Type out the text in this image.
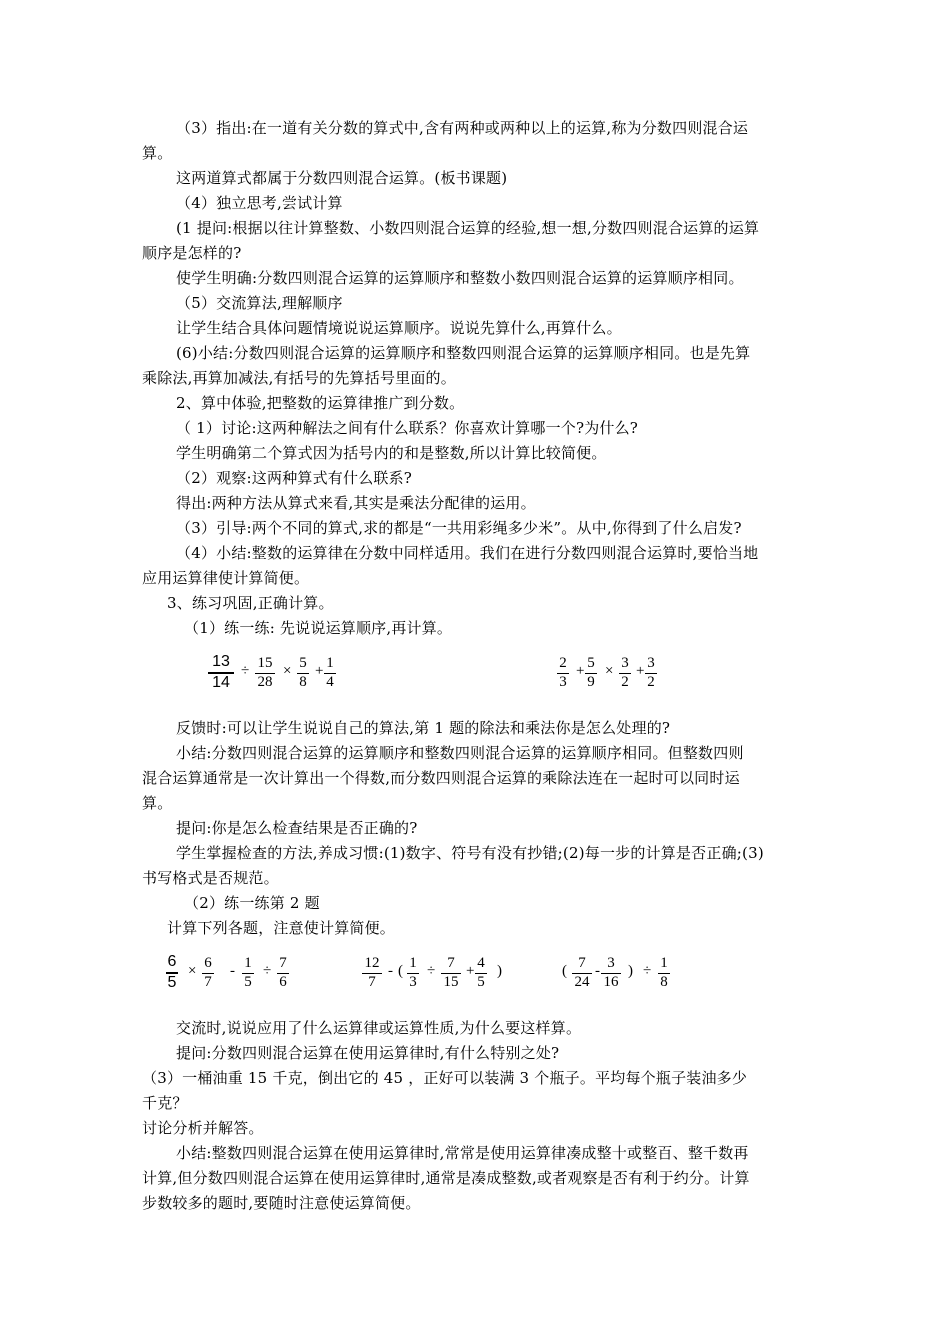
（3）指出:在一道有关分数的算式中,含有两种或两种以上的运算,称为分数四则混合运
算。
这两道算式都属于分数四则混合运算。(板书课题)
（4）独立思考,尝试计算
(1 提问:根据以往计算整数、小数四则混合运算的经验,想一想,分数四则混合运算的运算
顺序是怎样的?
使学生明确:分数四则混合运算的运算顺序和整数小数四则混合运算的运算顺序相同。
（5）交流算法,理解顺序
让学生结合具体问题情境说说运算顺序。说说先算什么,再算什么。
(6)小结:分数四则混合运算的运算顺序和整数四则混合运算的运算顺序相同。也是先算
乘除法,再算加减法,有括号的先算括号里面的。
2、算中体验,把整数的运算律推广到分数。
（ 1）讨论:这两种解法之间有什么联系？你喜欢计算哪一个?为什么?
学生明确第二个算式因为括号内的和是整数,所以计算比较简便。
（2）观察:这两种算式有什么联系?
得出:两种方法从算式来看,其实是乘法分配律的运用。
（3）引导:两个不同的算式,求的都是“一共用彩绳多少米”。从中,你得到了什么启发?
（4）小结:整数的运算律在分数中同样适用。我们在进行分数四则混合运算时,要恰当地
应用运算律使计算简便。
3、练习巩固,正确计算。
（1）练一练: 先说说运算顺序,再计算。
13
14
÷ 15
28
× 5
8
+ 1
4
2
3
+ 5
9
× 3
2
+ 3
2
反馈时:可以让学生说说自己的算法,第 1 题的除法和乘法你是怎么处理的?
小结:分数四则混合运算的运算顺序和整数四则混合运算的运算顺序相同。但整数四则
混合运算通常是一次计算出一个得数,而分数四则混合运算的乘除法连在一起时可以同时运
算。
提问:你是怎么检查结果是否正确的?
学生掌握检查的方法,养成习惯:(1)数字、符号有没有抄错;(2)每一步的计算是否正确;(3)
书写格式是否规范。
（2）练一练第 2 题
计算下列各题，注意使计算简便。
6
5
× 6
7
- 1
5
÷ 7
6
12
7
- ( 1
3
÷ 7
15
+ 4
5
)	( 7
24
- 3
16
) ÷ 1
8
交流时,说说应用了什么运算律或运算性质,为什么要这样算。
提问:分数四则混合运算在使用运算律时,有什么特别之处?
（3）一桶油重 15 千克，倒出它的 45 ，正好可以装满 3 个瓶子。平均每个瓶子装油多少
千克？
讨论分析并解答。
小结:整数四则混合运算在使用运算律时,常常是使用运算律凑成整十或整百、整千数再
计算,但分数四则混合运算在使用运算律时,通常是凑成整数,或者观察是否有利于约分。计算
步数较多的题时,要随时注意使运算简便。
